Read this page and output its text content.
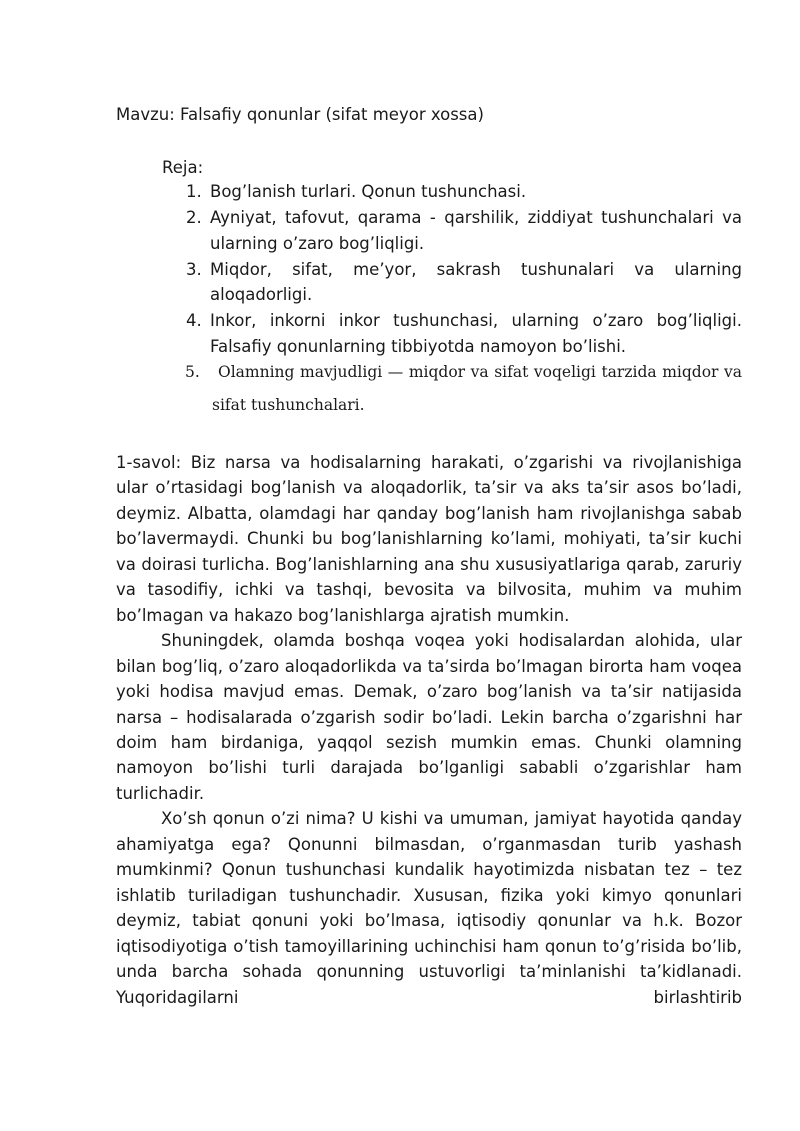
Mavzu: Falsafiy qonunlar (sifat meyor xossa)
Reja:
1. Bog’lanish turlari. Qonun tushunchasi.
2. Ayniyat, tafovut, qarama - qarshilik, ziddiyat tushunchalari va ularning o’zaro bog’liqligi.
3. Miqdor, sifat, me’yor, sakrash tushunalari va ularning aloqadorligi.
4. Inkor, inkorni inkor tushunchasi, ularning o’zaro bog’liqligi. Falsafiy qonunlarning tibbiyotda namoyon bo’lishi.
5.	Olamning mavjudligi — miqdor va sifat voqeligi tarzida miqdor va sifat tushunchalari.

1-savol: Biz narsa va hodisalarning harakati, o’zgarishi va rivojlanishiga ular o’rtasidagi bog’lanish va aloqadorlik, ta’sir va aks ta’sir asos bo’ladi, deymiz. Albatta, olamdagi har qanday bog’lanish ham rivojlanishga sabab bo’lavermaydi. Chunki bu bog’lanishlarning ko’lami, mohiyati, ta’sir kuchi va doirasi turlicha. Bog’lanishlarning ana shu xususiyatlariga qarab, zaruriy va tasodifiy, ichki va tashqi, bevosita va bilvosita, muhim va muhim bo’lmagan va hakazo bog’lanishlarga ajratish mumkin.

Shuningdek, olamda boshqa voqea yoki hodisalardan alohida, ular bilan bog’liq, o’zaro aloqadorlikda va ta’sirda bo’lmagan birorta ham voqea yoki hodisa mavjud emas. Demak, o’zaro bog’lanish va ta’sir natijasida narsa – hodisalarada o’zgarish sodir bo’ladi. Lekin barcha o’zgarishni har doim ham birdaniga, yaqqol sezish mumkin emas. Chunki olamning namoyon bo’lishi turli darajada bo’lganligi sababli o’zgarishlar ham turlichadir.

Xo’sh qonun o’zi nima? U kishi va umuman, jamiyat hayotida qanday ahamiyatga ega? Qonunni bilmasdan, o’rganmasdan turib yashash mumkinmi? Qonun tushunchasi kundalik hayotimizda nisbatan tez – tez ishlatib turiladigan tushunchadir. Xususan, fizika yoki kimyo qonunlari deymiz, tabiat qonuni yoki bo’lmasa, iqtisodiy qonunlar va h.k. Bozor iqtisodiyotiga o’tish tamoyillarining uchinchisi ham qonun to’g’risida bo’lib, unda barcha sohada qonunning ustuvorligi ta’minlanishi ta’kidlanadi. Yuqoridagilarni birlashtirib
